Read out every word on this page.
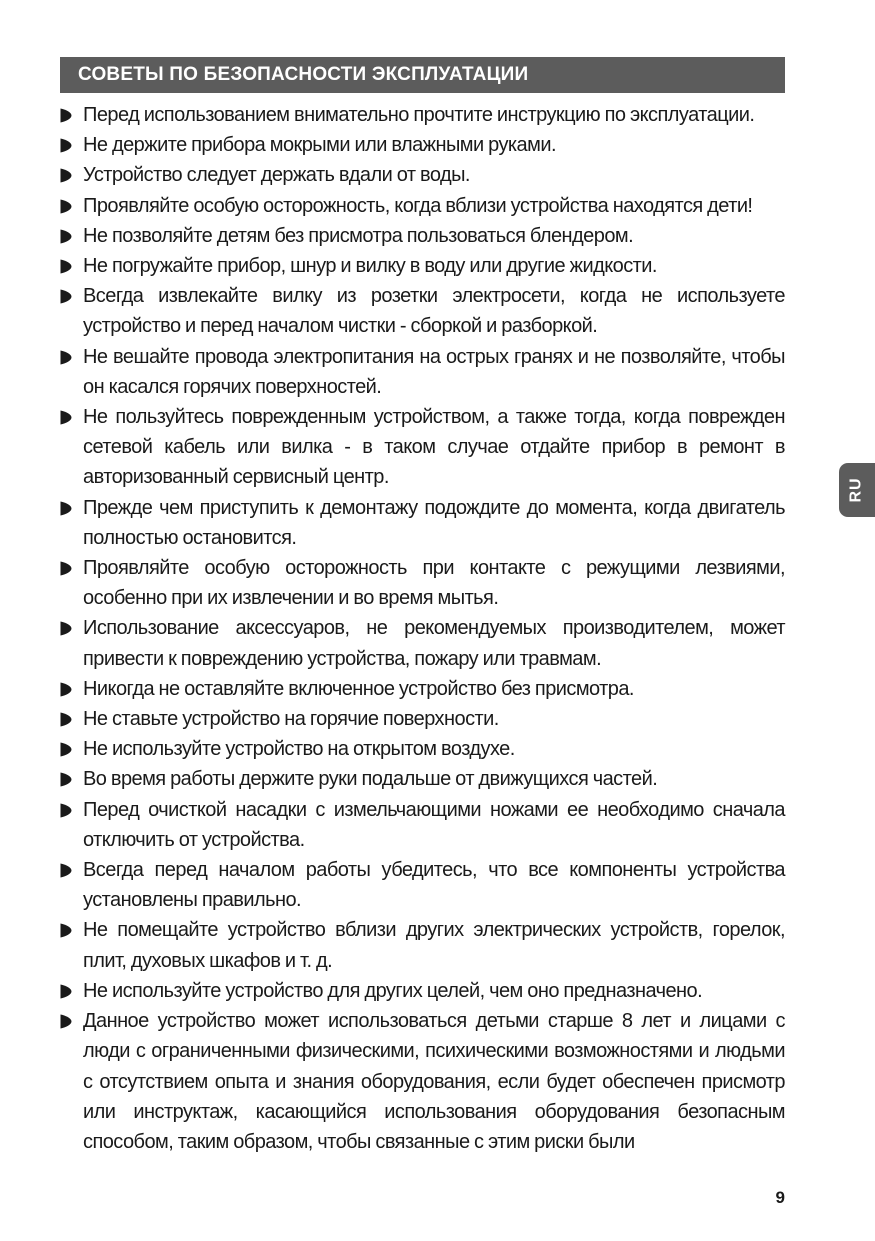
СОВЕТЫ ПО БЕЗОПАСНОСТИ ЭКСПЛУАТАЦИИ
Перед использованием внимательно прочтите инструкцию по эксплуатации.
Не держите прибора мокрыми или влажными руками.
Устройство следует держать вдали от воды.
Проявляйте особую осторожность, когда вблизи устройства находятся дети!
Не позволяйте детям без присмотра пользоваться блендером.
Не погружайте прибор, шнур и вилку в воду или другие жидкости.
Всегда извлекайте вилку из розетки электросети, когда не используете устройство и перед началом чистки - сборкой и разборкой.
Не вешайте провода электропитания на острых гранях и не позволяйте, чтобы он касался горячих поверхностей.
Не пользуйтесь поврежденным устройством, а также тогда, когда поврежден сетевой кабель или вилка - в таком случае отдайте прибор в ремонт в авторизованный сервисный центр.
Прежде чем приступить к демонтажу подождите до момента, когда двигатель полностью остановится.
Проявляйте особую осторожность при контакте с режущими лезвиями, особенно при их извлечении и во время мытья.
Использование аксессуаров, не рекомендуемых производителем, может привести к повреждению устройства, пожару или травмам.
Никогда не оставляйте включенное устройство без присмотра.
Не ставьте устройство на горячие поверхности.
Не используйте устройство на открытом воздухе.
Во время работы держите руки подальше от движущихся частей.
Перед очисткой насадки с измельчающими ножами ее необходимо сначала отключить от устройства.
Всегда перед началом работы убедитесь, что все компоненты устройства установлены правильно.
Не помещайте устройство вблизи других электрических устройств, горелок, плит, духовых шкафов и т. д.
Не используйте устройство для других целей, чем оно предназначено.
Данное устройство может использоваться детьми старше 8 лет и лицами с люди с ограниченными физическими, психическими возможностями и людьми с отсутствием опыта и знания оборудования, если будет обеспечен присмотр или инструктаж, касающийся использования оборудования безопасным способом, таким образом, чтобы связанные с этим риски были
RU
9
